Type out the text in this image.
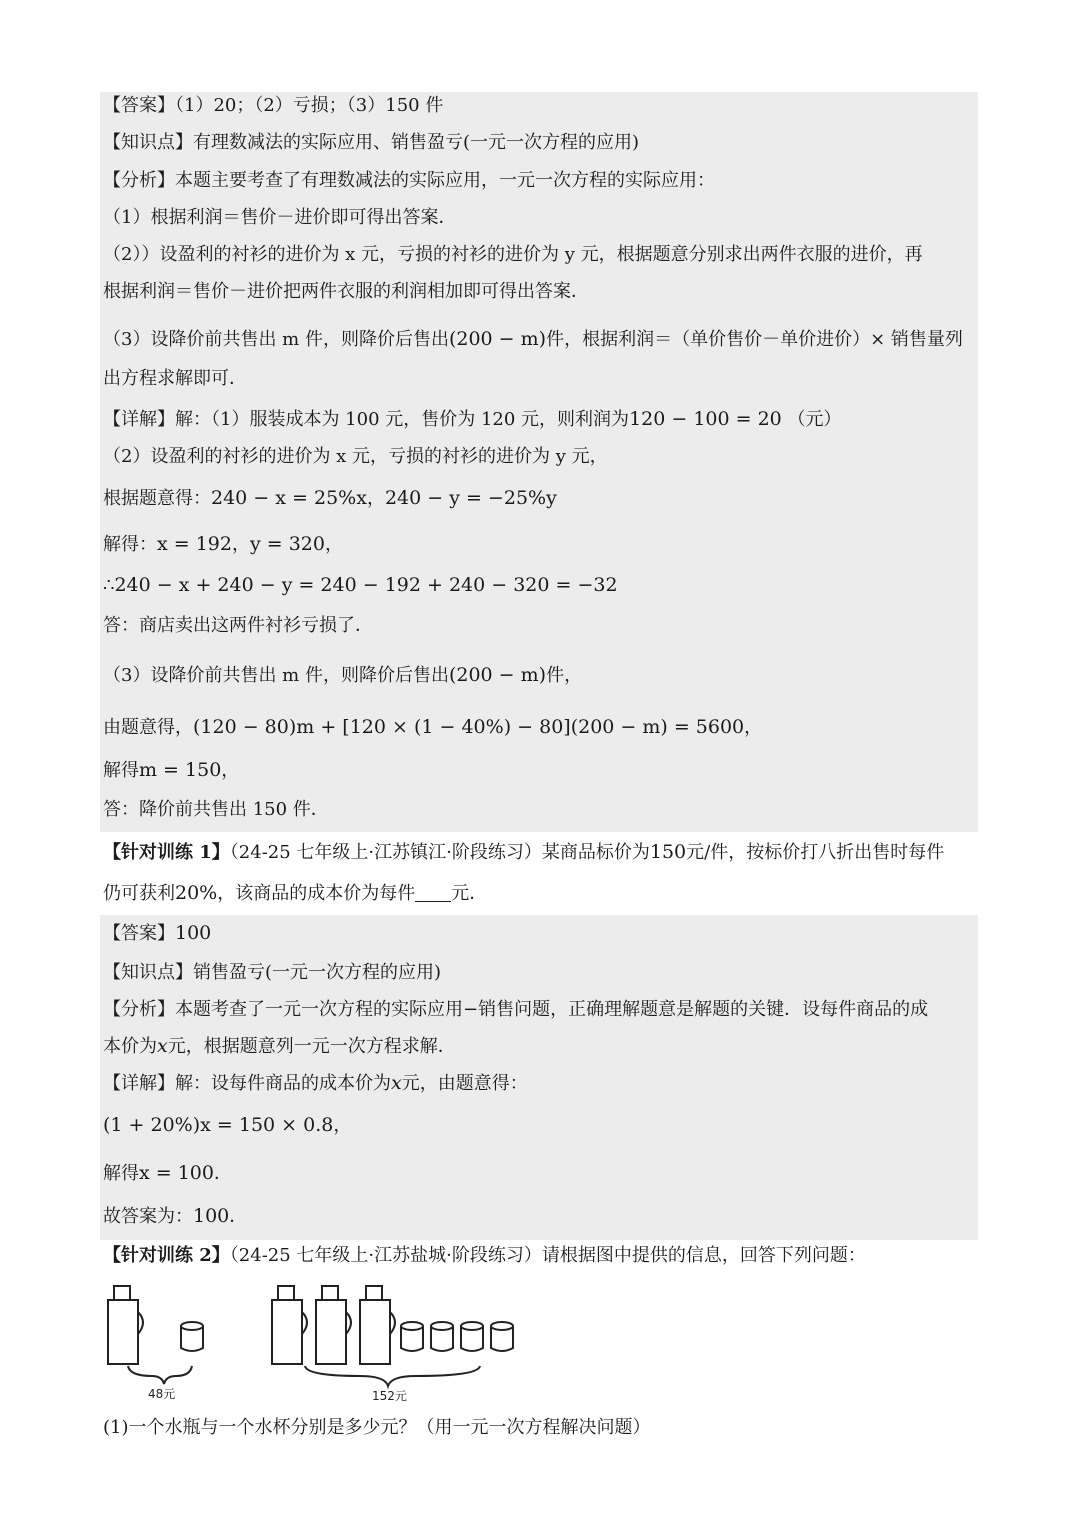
【答案】（1）20；（2）亏损；（3）150 件
【知识点】有理数减法的实际应用、销售盈亏(一元一次方程的应用)
【分析】本题主要考查了有理数减法的实际应用，一元一次方程的实际应用：
（1）根据利润＝售价－进价即可得出答案．
（2））设盈利的衬衫的进价为 x 元，亏损的衬衫的进价为 y 元，根据题意分别求出两件衣服的进价，再
根据利润＝售价－进价把两件衣服的利润相加即可得出答案．
（3）设降价前共售出 m 件，则降价后售出(200 − m)件，根据利润＝（单价售价－单价进价）× 销售量列
出方程求解即可．
【详解】解：（1）服装成本为 100 元，售价为 120 元，则利润为120 − 100 = 20 （元）
（2）设盈利的衬衫的进价为 x 元，亏损的衬衫的进价为 y 元，
根据题意得：240 − x = 25%x，240 − y = −25%y
解得：x = 192，y = 320，
∴240 − x + 240 − y = 240 − 192 + 240 − 320 = −32
答：商店卖出这两件衬衫亏损了．
（3）设降价前共售出 m 件，则降价后售出(200 − m)件，
由题意得，(120 − 80)m + [120 × (1 − 40%) − 80](200 − m) = 5600，
解得m = 150，
答：降价前共售出 150 件．
【针对训练 1】（24-25 七年级上·江苏镇江·阶段练习）某商品标价为150元/件，按标价打八折出售时每件
仍可获利20%，该商品的成本价为每件 元．
【答案】100
【知识点】销售盈亏(一元一次方程的应用)
【分析】本题考查了一元一次方程的实际应用−销售问题，正确理解题意是解题的关键．设每件商品的成
本价为x元，根据题意列一元一次方程求解．
【详解】解：设每件商品的成本价为x元，由题意得：
(1 + 20%)x = 150 × 0.8，
解得x = 100．
故答案为：100．
【针对训练 2】（24-25 七年级上·江苏盐城·阶段练习）请根据图中提供的信息，回答下列问题：
48元	152元
(1)一个水瓶与一个水杯分别是多少元？（用一元一次方程解决问题）
